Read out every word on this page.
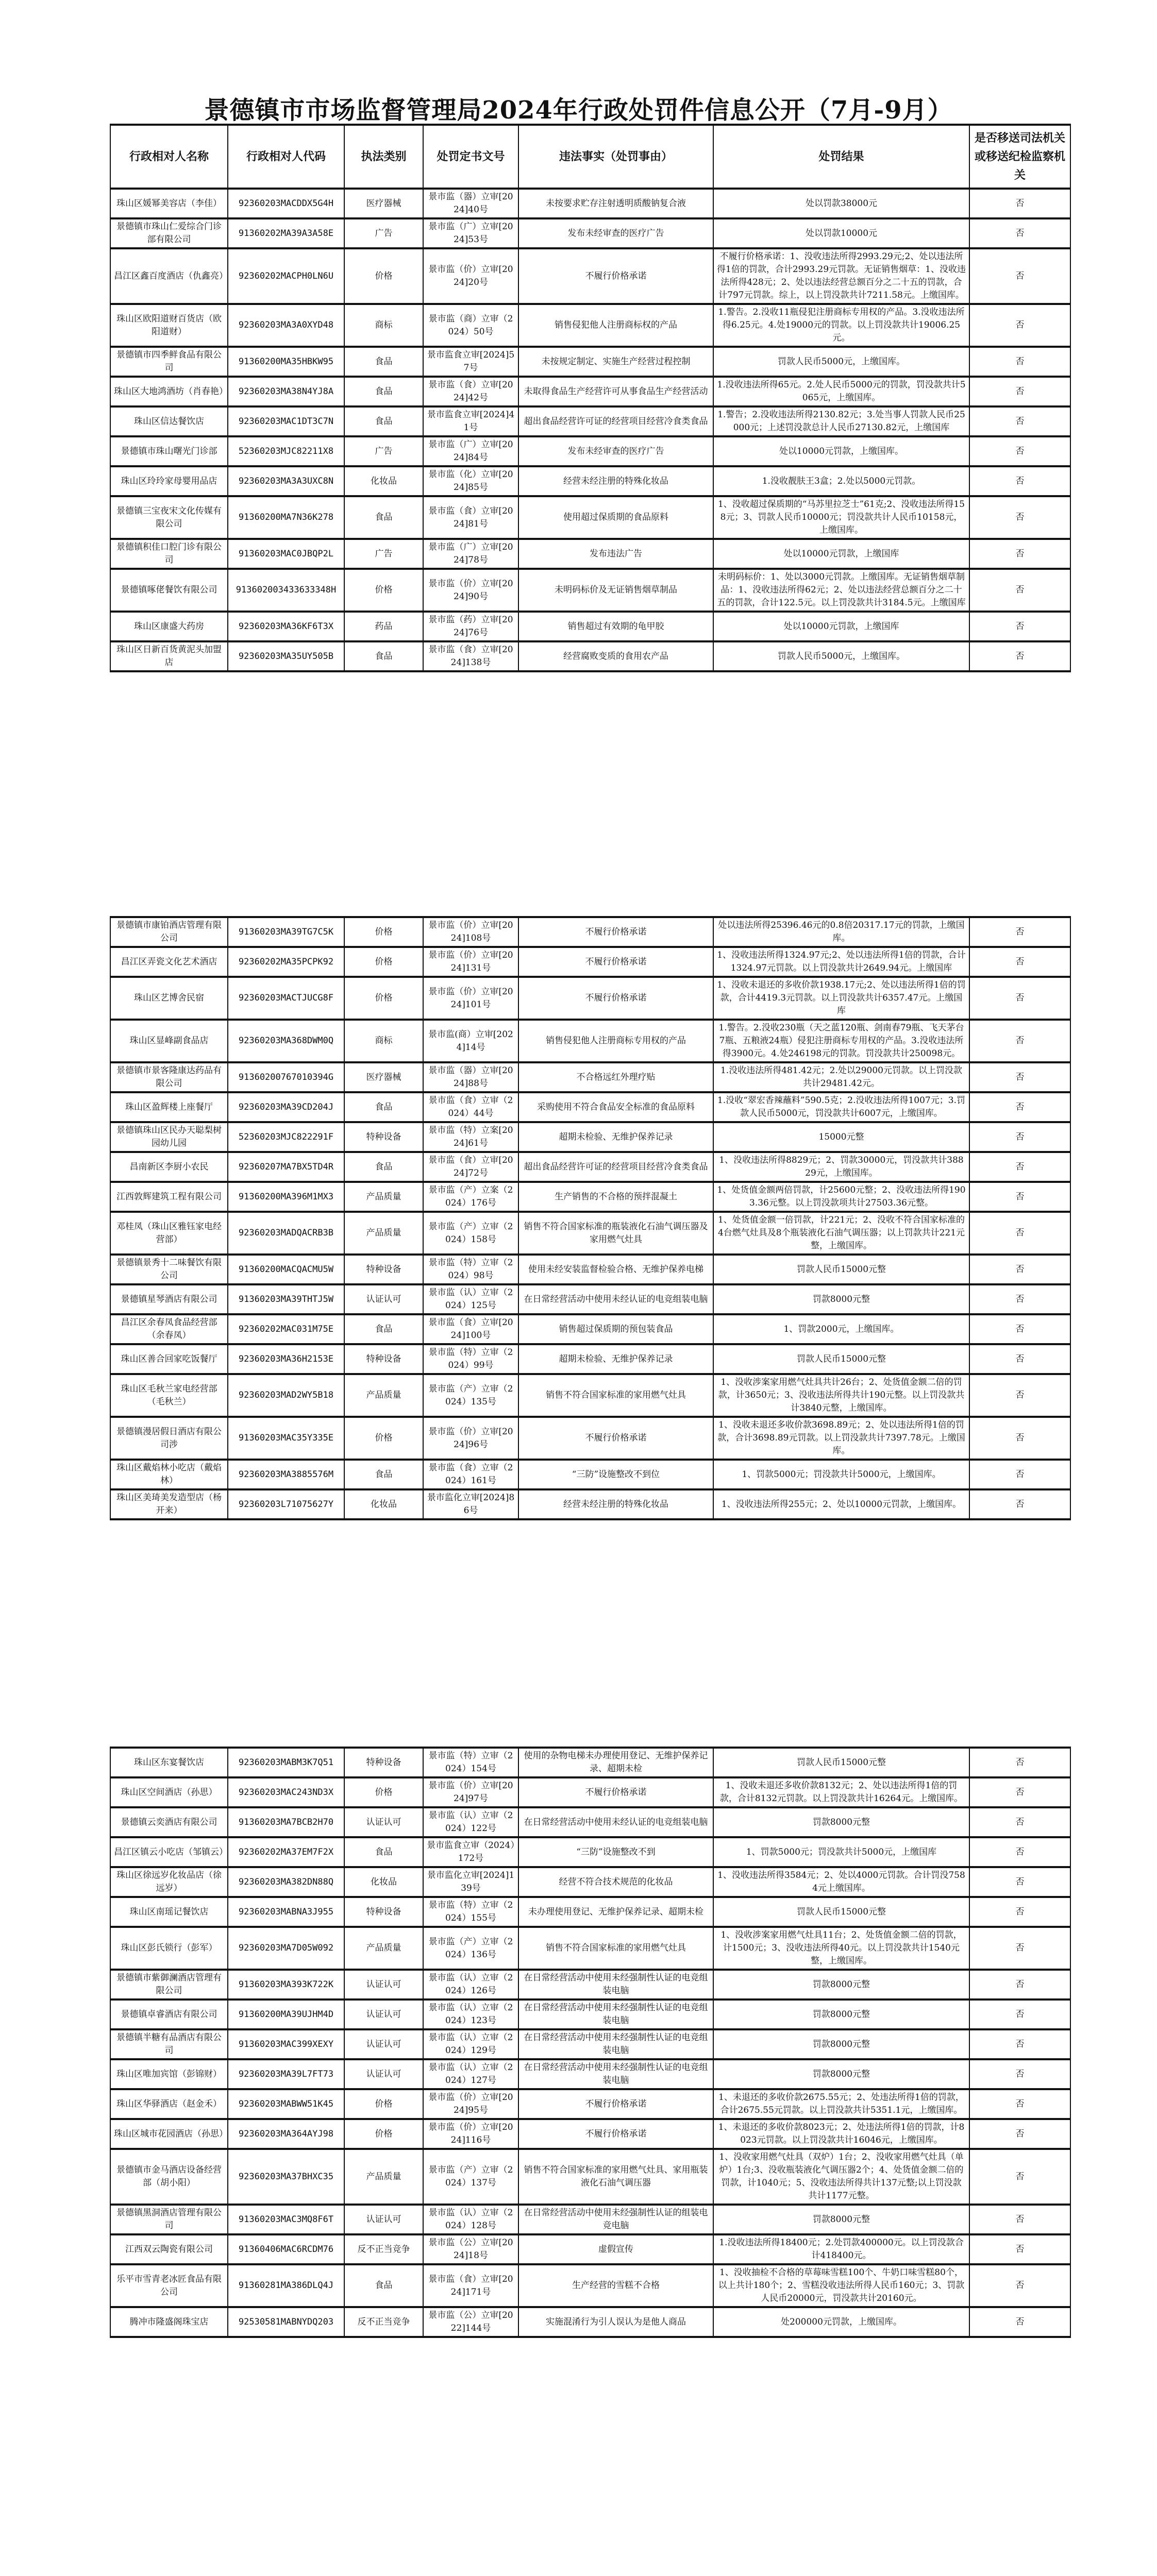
景德镇市市场监督管理局2024年行政处罚件信息公开（7月-9月）
行政相对人名称	行政相对人代码	执法类别	处罚定书文号	违法事实（处罚事由）	处罚结果	是否移送司法机关或移送纪检监察机关
珠山区媛幂美容店（李佳）	92360203MACDDX5G4H	医疗器械	景市监（器）立审[2024]40号	未按要求贮存注射透明质酸钠复合液	处以罚款38000元	否
景德镇市珠山仁爱综合门诊部有限公司	91360202MA39A3A58E	广告	景市监（广）立审[2024]53号	发布未经审查的医疗广告	处以罚款10000元	否
昌江区鑫百度酒店（仇鑫亮）	92360202MACPH0LN6U	价格	景市监（价）立审[2024]20号	不履行价格承诺	不履行价格承诺：1、没收违法所得2993.29元;2、处以违法所得1倍的罚款，合计2993.29元罚款。无证销售烟草：1、没收违法所得428元；2、处以违法经营总额百分之二十五的罚款，合计797元罚款。综上，以上罚没款共计7211.58元。上缴国库。	否
珠山区欧阳道财百货店（欧阳道财）	92360203MA3A0XYD48	商标	景市监（商）立审（2024）50号	销售侵犯他人注册商标权的产品	1.警告。2.没收11瓶侵犯注册商标专用权的产品。3.没收违法所得6.25元。4.处19000元的罚款。以上罚没款共计19006.25元。	否
景德镇市四季鲜食品有限公司	91360200MA35HBKW95	食品	景市监食立审[2024]57号	未按规定制定、实施生产经营过程控制	罚款人民币5000元，上缴国库。	否
珠山区大地鸿酒坊（肖春艳）	92360203MA38N4YJ8A	食品	景市监（食）立审[2024]42号	未取得食品生产经营许可从事食品生产经营活动	1.没收违法所得65元。2.处人民币5000元的罚款，罚没款共计5065元，上缴国库。	否
珠山区信达餐饮店	92360203MAC1DT3C7N	食品	景市监食立审[2024]41号	超出食品经营许可证的经营项目经营冷食类食品	1.警告；2.没收违法所得2130.82元；3.处当事人罚款人民币25000元；上述罚没款总计人民币27130.82元，上缴国库	否
景德镇市珠山曙光门诊部	52360203MJC82211X8	广告	景市监（广）立审[2024]84号	发布未经审查的医疗广告	处以10000元罚款，上缴国库。	否
珠山区玲玲家母婴用品店	92360203MA3A3UXC8N	化妆品	景市监（化）立审[2024]85号	经营未经注册的特殊化妆品	1.没收靓肤王3盒；2.处以5000元罚款。	否
景德镇三宝夜宋文化传媒有限公司	91360200MA7N36K278	食品	景市监（食）立审[2024]81号	使用超过保质期的食品原料	1、没收超过保质期的“马苏里拉芝士”61克;2、没收违法所得158元；3、罚款人民币10000元；罚没款共计人民币10158元，上缴国库。	否
景德镇积佳口腔门诊有限公司	91360203MAC0JBQP2L	广告	景市监（广）立审[2024]78号	发布违法广告	处以10000元罚款，上缴国库	否
景德镇啄佬餐饮有限公司	913602003433633348H	价格	景市监（价）立审[2024]90号	未明码标价及无证销售烟草制品	未明码标价：1、处以3000元罚款。上缴国库。无证销售烟草制品：1、没收违法所得62元；2、处以违法经营总额百分之二十五的罚款，合计122.5元。以上罚没款共计3184.5元。上缴国库	否
珠山区康盛大药房	92360203MA36KF6T3X	药品	景市监（药）立审[2024]76号	销售超过有效期的龟甲胶	处以10000元罚款，上缴国库	否
珠山区日新百货黄泥头加盟店	92360203MA35UY505B	食品	景市监（食）立审[2024]138号	经营腐败变质的食用农产品	罚款人民币5000元，上缴国库。	否
景德镇市康铂酒店管理有限公司	91360203MA39TG7C5K	价格	景市监（价）立审[2024]108号	不履行价格承诺	处以违法所得25396.46元的0.8倍20317.17元的罚款，上缴国库。	否
昌江区弄瓷文化艺术酒店	92360202MA35PCPK92	价格	景市监（价）立审[2024]131号	不履行价格承诺	1、没收违法所得1324.97元;2、处以违法所得1倍的罚款，合计1324.97元罚款。以上罚没款共计2649.94元。上缴国库	否
珠山区艺博舍民宿	92360203MACTJUCG8F	价格	景市监（价）立审[2024]101号	不履行价格承诺	1、没收未退还的多收价款1938.17元;2、处以违法所得1倍的罚款，合计4419.3元罚款。以上罚没款共计6357.47元。上缴国库	否
珠山区显峰副食品店	92360203MA368DWM0Q	商标	景市监(商）立审[2024]14号	销售侵犯他人注册商标专用权的产品	1.警告。2.没收230瓶（天之蓝120瓶、剑南春79瓶、飞天茅台7瓶、五粮液24瓶）侵犯注册商标专用权的产品。3.没收违法所得3900元。4.处246198元的罚款。罚没款共计250098元。	否
景德镇市景客隆康达药品有限公司	91360200767010394G	医疗器械	景市监（器）立审[2024]88号	不合格远红外理疗贴	1.没收违法所得481.42元；2.处以29000元罚款。以上罚没款共计29481.42元。	否
珠山区盈辉楼上座餐厅	92360203MA39CD204J	食品	景市监（食）立审（2024）44号	采购使用不符合食品安全标准的食品原料	1.没收“翠宏香辣蘸料”590.5克；2.没收违法所得1007元；3.罚款人民币5000元，罚没款共计6007元，上缴国库。	否
景德镇珠山区民办天聪梨树园幼儿园	52360203MJC822291F	特种设备	景市监（特）立案[2024]61号	超期未检验、无维护保养记录	15000元整	否
昌南新区李厨小农民	92360207MA7BX5TD4R	食品	景市监（食）立审[2024]72号	超出食品经营许可证的经营项目经营冷食类食品	1、没收违法所得8829元；2、罚款30000元，罚没款共计38829元，上缴国库。	否
江西敦辉建筑工程有限公司	91360200MA396M1MX3	产品质量	景市监（产）立案（2024）176号	生产销售的不合格的预拌混凝土	1、处货值金额两倍罚款，计25600元整；2、没收违法所得1903.36元整。以上罚没款项共计27503.36元整。	否
邓桂凤（珠山区雅钰家电经营部）	92360203MADQACRB3B	产品质量	景市监（产）立审（2024）158号	销售不符合国家标准的瓶装液化石油气调压器及家用燃气灶具	1、处货值金额一倍罚款，计221元；2、没收不符合国家标准的4台燃气灶具及8个瓶装液化石油气调压器；以上罚款共计221元整，上缴国库。	否
景德镇景秀十二味餐饮有限公司	91360200MACQACMU5W	特种设备	景市监（特）立审（2024）98号	使用未经安装监督检验合格、无维护保养电梯	罚款人民币15000元整	否
景德镇星琴酒店有限公司	91360203MA39THTJ5W	认证认可	景市监（认）立审（2024）125号	在日常经营活动中使用未经认证的电竞组装电脑	罚款8000元整	否
昌江区余春凤食品经营部（余春凤）	92360202MAC031M75E	食品	景市监（食）立审[2024]100号	销售超过保质期的预包装食品	1、罚款2000元，上缴国库。	否
珠山区善合回家吃饭餐厅	92360203MA36H2153E	特种设备	景市监（特）立审（2024）99号	超期未检验、无维护保养记录	罚款人民币15000元整	否
珠山区毛秋兰家电经营部（毛秋兰）	92360203MAD2WY5B18	产品质量	景市监（产）立审（2024）135号	销售不符合国家标准的家用燃气灶具	1、没收涉案家用燃气灶具共计26台；2、处货值金额二倍的罚款，计3650元；3、没收违法所得共计190元整。以上罚没款共计3840元整，上缴国库。	否
景德镇漫居假日酒店有限公司涉	91360203MAC35Y335E	价格	景市监（价）立审[2024]96号	不履行价格承诺	1、没收未退还多收价款3698.89元；2、处以违法所得1倍的罚款，合计3698.89元罚款。以上罚没款共计7397.78元。上缴国库。	否
珠山区戴焰林小吃店（戴焰林）	92360203MA3885576M	食品	景市监（食）立审（2024）161号	“三防”设施整改不到位	1、罚款5000元；罚没款共计5000元，上缴国库。	否
珠山区美琦美发造型店（杨开来）	92360203L71075627Y	化妆品	景市监化立审[2024]86号	经营未经注册的特殊化妆品	1、没收违法所得255元；2、处以10000元罚款，上缴国库。	否
珠山区东宴餐饮店	92360203MABM3K7Q51	特种设备	景市监（特）立审（2024）154号	使用的杂物电梯未办理使用登记、无维护保养记录、超期未检	罚款人民币15000元整	否
珠山区空间酒店（孙思）	92360203MAC243ND3X	价格	景市监（价）立审[2024]97号	不履行价格承诺	1、没收未退还多收价款8132元；2、处以违法所得1倍的罚款，合计8132元罚款。以上罚没款共计16264元。上缴国库。	否
景德镇云奕酒店有限公司	91360203MA7BCB2H70	认证认可	景市监（认）立审（2024）122号	在日常经营活动中使用未经认证的电竞组装电脑	罚款8000元整	否
昌江区镇云小吃店（邹镇云）	92360202MA37EM7F2X	食品	景市监食立审（2024）172号	“三防”设施整改不到	1、罚款5000元；罚没款共计5000元，上缴国库	否
珠山区徐远岁化妆品店（徐远岁）	92360203MA382DN88Q	化妆品	景市监化立审[2024]139号	经营不符合技术规范的化妆品	1、没收违法所得3584元；2、处以4000元罚款。合计罚没7584元上缴国库。	否
珠山区南瑶记餐饮店	92360203MABNA3J955	特种设备	景市监（特）立审（2024）155号	未办理使用登记、无维护保养记录、超期未检	罚款人民币15000元整	否
珠山区彭氏锁行（彭军）	92360203MA7D05W092	产品质量	景市监（产）立审（2024）136号	销售不符合国家标准的家用燃气灶具	1、没收涉案家用燃气灶具11台；2、处货值金额二倍的罚款，计1500元；3、没收违法所得40元。以上罚没款共计1540元整，上缴国库。	否
景德镇市紫御澜酒店管理有限公司	91360203MA393K722K	认证认可	景市监（认）立审（2024）126号	在日常经营活动中使用未经强制性认证的电竞组装电脑	罚款8000元整	否
景德镇卓睿酒店有限公司	91360200MA39UJHM4D	认证认可	景市监（认）立审（2024）123号	在日常经营活动中使用未经强制性认证的电竞组装电脑	罚款8000元整	否
景德镇半糖有品酒店有限公司	91360203MAC399XEXY	认证认可	景市监（认）立审（2024）129号	在日常经营活动中使用未经强制性认证的电竞组装电脑	罚款8000元整	否
珠山区唯加宾馆（彭锦财）	92360203MA39L7FT73	认证认可	景市监（认）立审（2024）127号	在日常经营活动中使用未经强制性认证的电竞组装电脑	罚款8000元整	否
珠山区华驿酒店（赵金禾）	92360203MABWW51K45	价格	景市监（价）立审[2024]95号	不履行价格承诺	1、未退还的多收价款2675.55元；2、处违法所得1倍的罚款，合计2675.55元罚款。以上罚没款共计5351.1元，上缴国库。	否
珠山区城市花园酒店（孙思）	92360203MA364AYJ98	价格	景市监（价）立审[2024]116号	不履行价格承诺	1、未退还的多收价款8023元；2、处违法所得1倍的罚款，计8023元罚款。以上罚没款共计16046元，上缴国库。	否
景德镇市金马酒店设备经营部（胡小阳）	92360203MA37BHXC35	产品质量	景市监（产）立审（2024）137号	销售不符合国家标准的家用燃气灶具、家用瓶装液化石油气调压器	1、没收家用燃气灶具（双炉）1台；2、没收家用燃气灶具（单炉）1台;3、没收瓶装液化气调压器2个；4、处货值金额二倍的罚款，计1040元；5、没收违法所得共计137元整;以上罚没款共计1177元整。	否
景德镇黑洞酒店管理有限公司	91360203MAC3MQ8F6T	认证认可	景市监（认）立审（2024）128号	在日常经营活动中使用未经强制性认证的组装电竞电脑	罚款8000元整	否
江西双云陶瓷有限公司	91360406MAC6RCDM76	反不正当竞争	景市监（公）立审[2024]18号	虚假宣传	1.没收违法所得18400元；2.处罚款400000元。以上罚没款合计418400元。	否
乐平市雪青老冰匠食品有限公司	91360281MA386DLQ4J	食品	景市监（食）立审[2024]171号	生产经营的雪糕不合格	1、没收抽检不合格的草莓味雪糕100个、牛奶口味雪糕80个，以上共计180个；2、雪糕没收违法所得人民币160元；3、罚款人民币20000元，罚没款共计20160元。	否
腾冲市隆盛阁珠宝店	92530581MABNYDQ203	反不正当竞争	景市监（公）立审[2022]144号	实施混淆行为引人误认为是他人商品	处200000元罚款，上缴国库。	否
